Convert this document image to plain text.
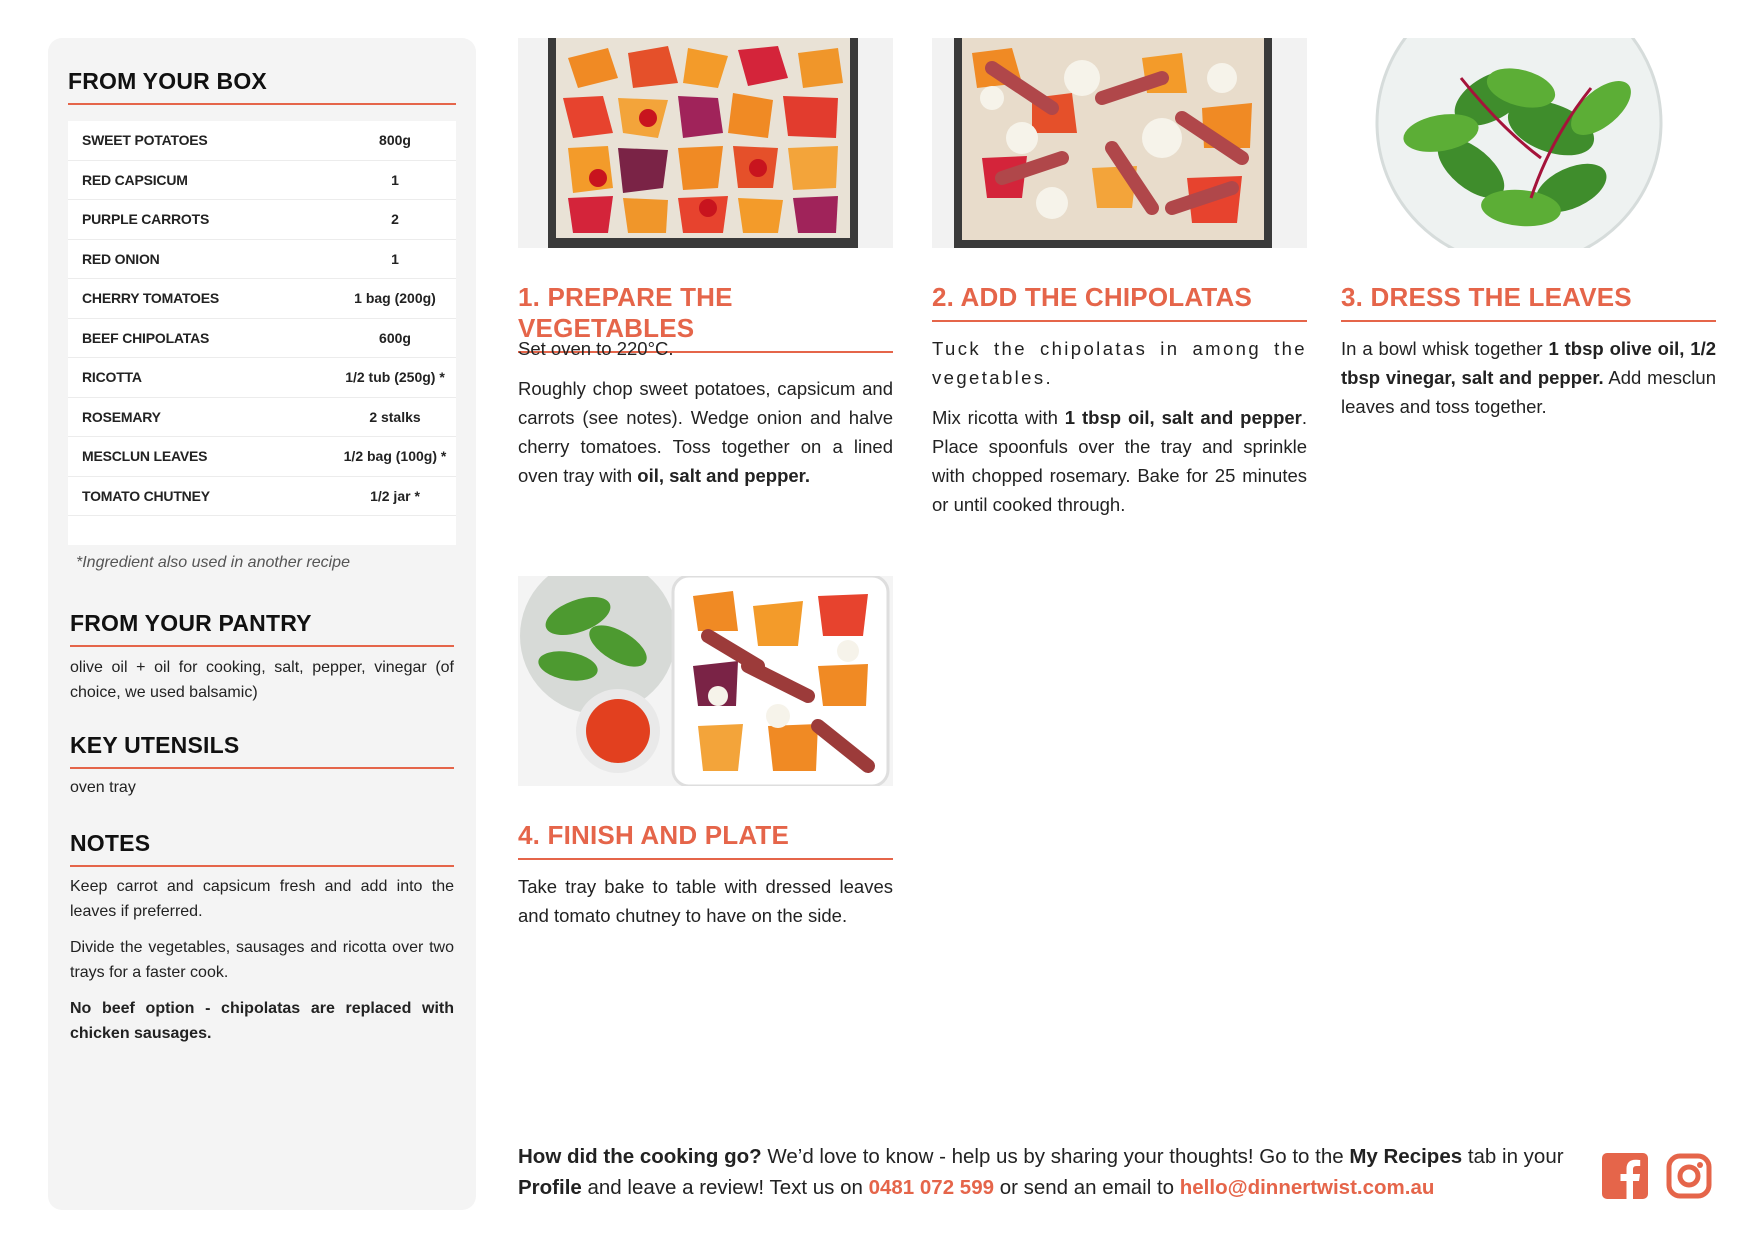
FROM YOUR BOX
SWEET POTATOES	800g
RED CAPSICUM	1
PURPLE CARROTS	2
RED ONION	1
CHERRY TOMATOES	1 bag (200g)
BEEF CHIPOLATAS	600g
RICOTTA	1/2 tub (250g) *
ROSEMARY	2 stalks
MESCLUN LEAVES	1/2 bag (100g) *
TOMATO CHUTNEY	1/2 jar *
*Ingredient also used in another recipe
FROM YOUR PANTRY
olive oil + oil for cooking, salt, pepper, vinegar (of choice, we used balsamic)
KEY UTENSILS
oven tray
NOTES

Keep carrot and capsicum fresh and add into the leaves if preferred.

Divide the vegetables, sausages and ricotta over two trays for a faster cook.

No beef option - chipolatas are replaced with chicken sausages.

1. PREPARE THE VEGETABLES

Set oven to 220°C.

Roughly chop sweet potatoes, capsicum and carrots (see notes). Wedge onion and halve cherry tomatoes. Toss together on a lined oven tray with oil, salt and pepper.

2. ADD THE CHIPOLATAS

Tuck the chipolatas in among the vegetables.

Mix ricotta with 1 tbsp oil, salt and pepper. Place spoonfuls over the tray and sprinkle with chopped rosemary. Bake for 25 minutes or until cooked through.

3. DRESS THE LEAVES

In a bowl whisk together 1 tbsp olive oil, 1/2 tbsp vinegar, salt and pepper. Add mesclun leaves and toss together.

4. FINISH AND PLATE

Take tray bake to table with dressed leaves and tomato chutney to have on the side.

How did the cooking go? We’d love to know - help us by sharing your thoughts! Go to the My Recipes tab in your Profile and leave a review! Text us on 0481 072 599 or send an email to hello@dinnertwist.com.au
